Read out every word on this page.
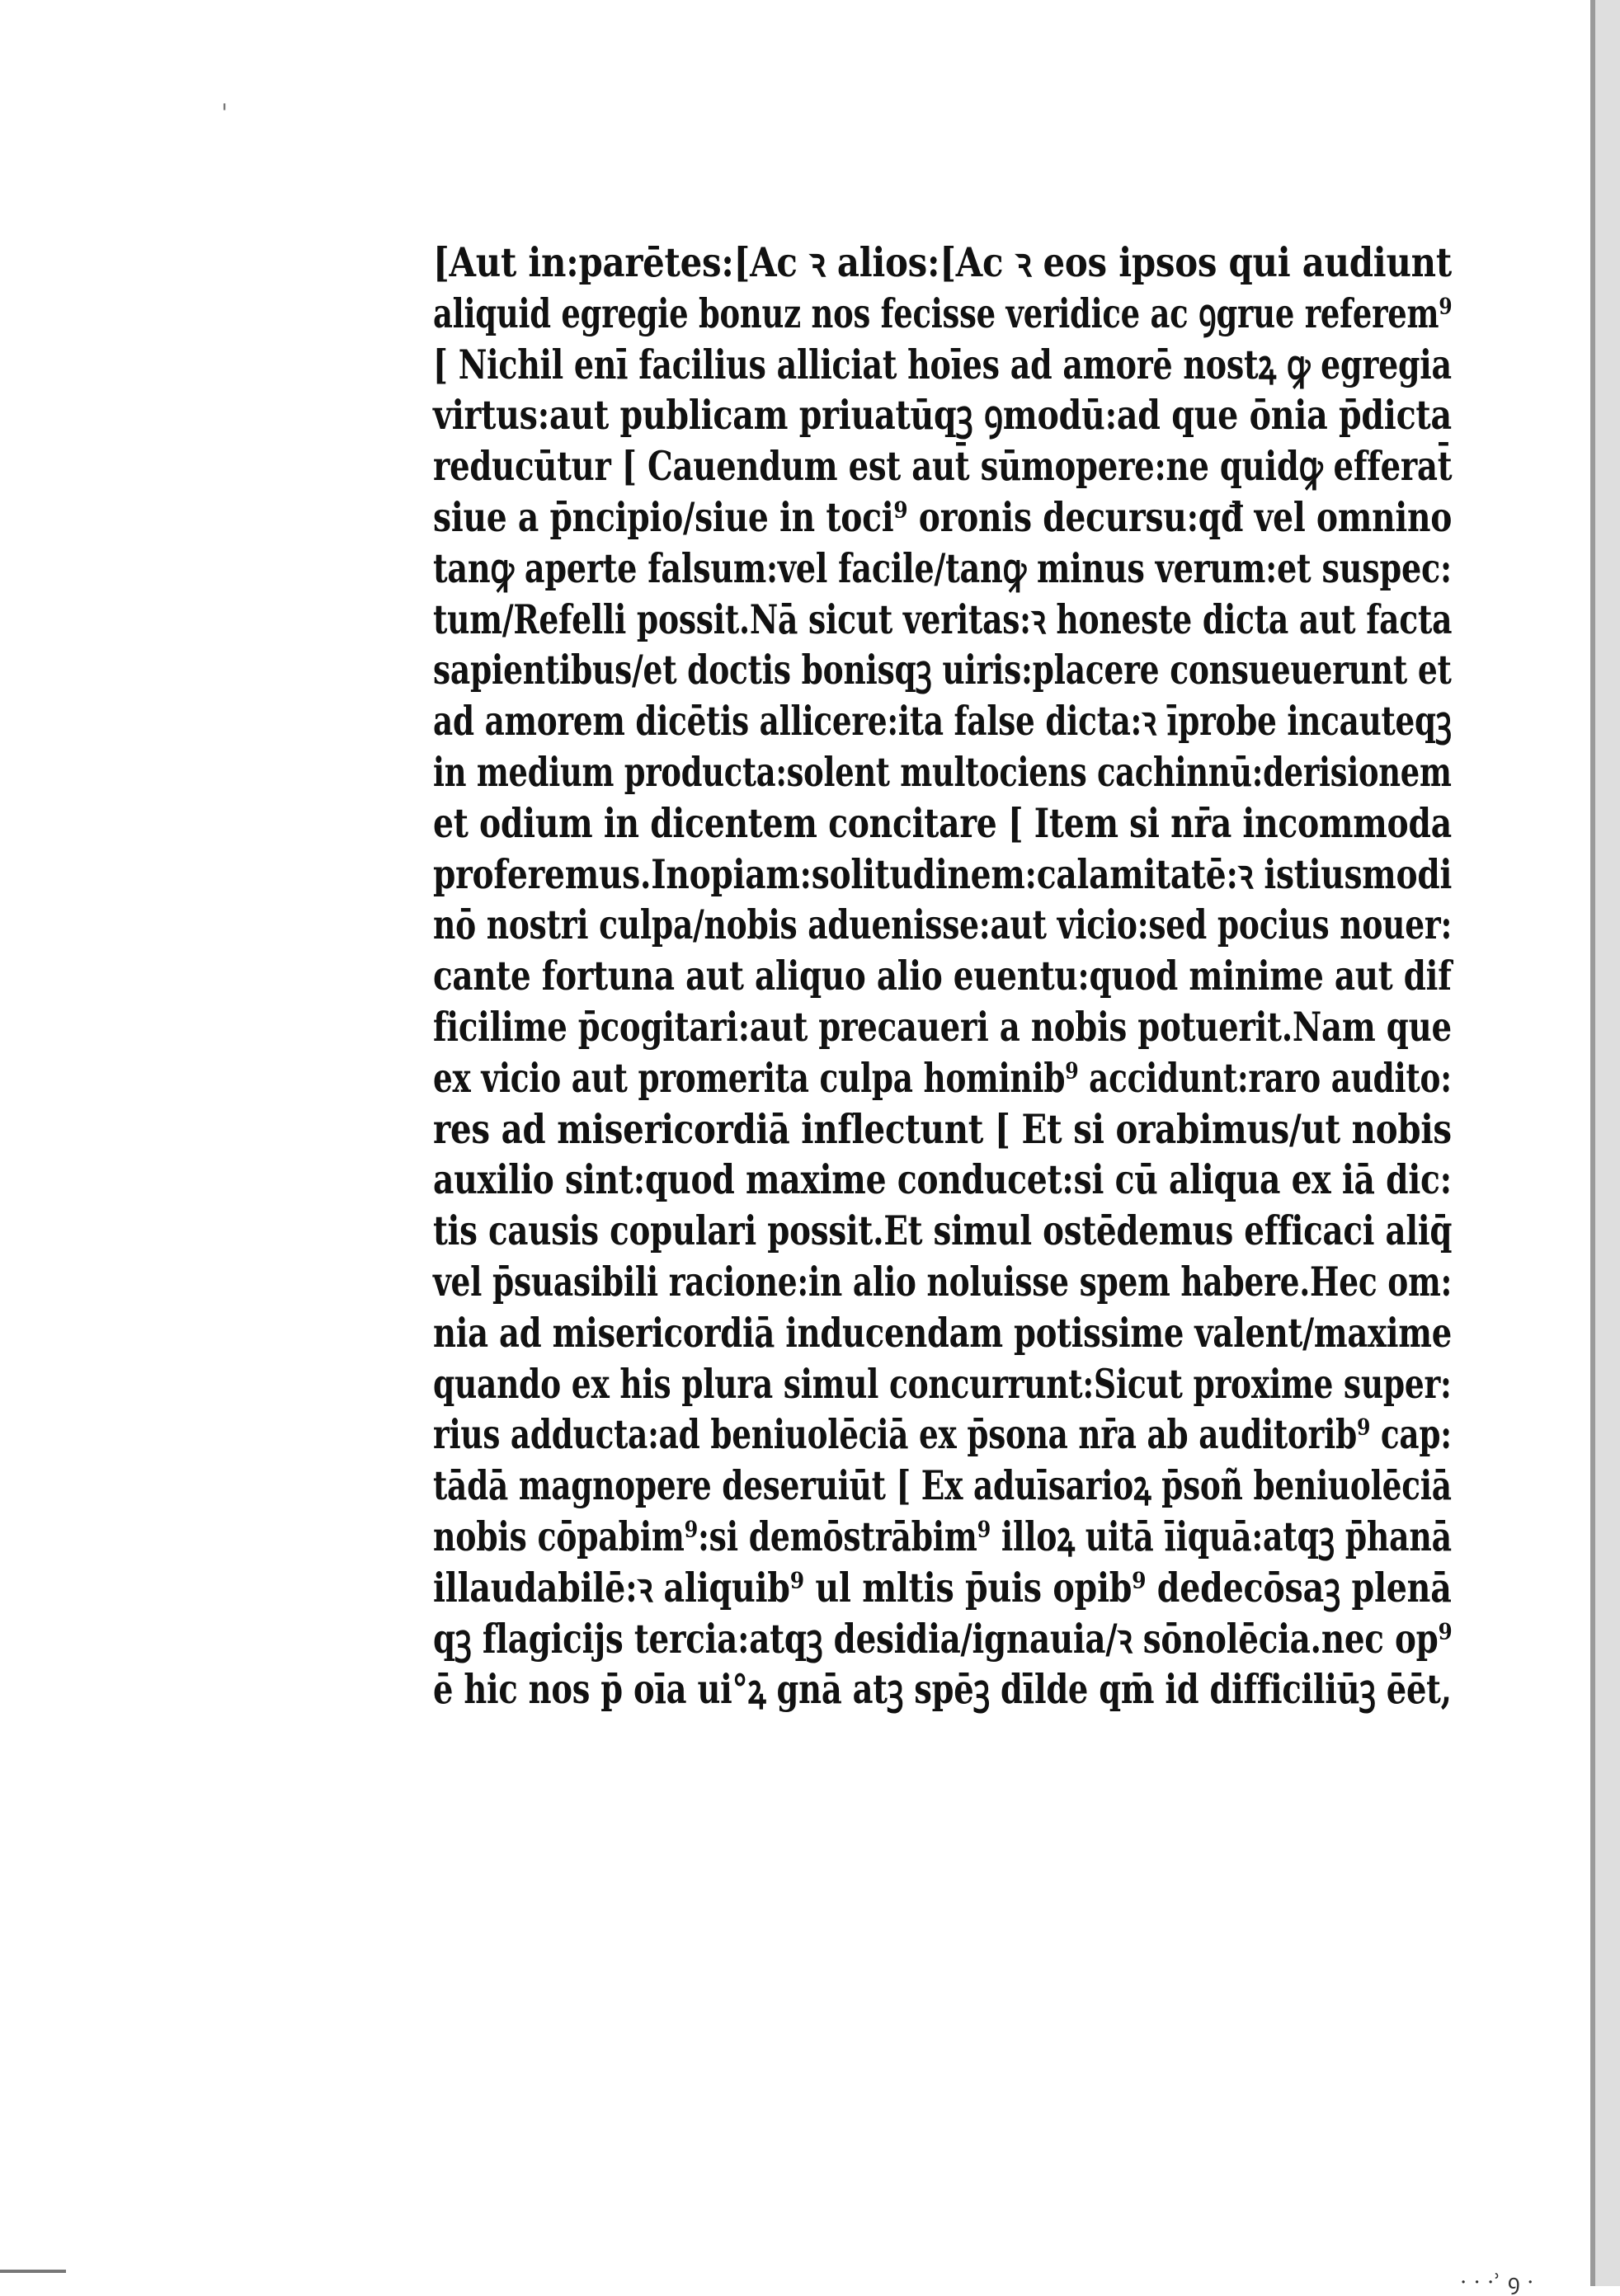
'
· · ·ʾ ꝯ ·
[Aut in:parētes:[Ac ꝛ alios:[Ac ꝛ eos ipsos qui audiunt
aliquid egregie bonuz nos fecisse veridice ac ꝯgrue referem⁹
[ Nichil enī facilius alliciat hoīes ad amorē nostꝝ ꝙ egregia
virtus:aut publicam priuatūqꝫ ꝯmodū:ad que ōnia p̄dicta
reducūtur [ Cauendum est aut̄ sūmopere:ne quidꝙ efferat̄
siue a p̄ncipio/siue in toci⁹ oronis decursu:qđ vel omnino
tanꝙ aperte falsum:vel facile/tanꝙ minus verum:et suspec:
tum/Refelli possit.Nā sicut veritas:ꝛ honeste dicta aut facta
sapientibus/et doctis bonisqꝫ uiris:placere consueuerunt et
ad amorem dicētis allicere:ita false dicta:ꝛ īprobe incauteqꝫ
in medium producta:solent multociens cachinnū:derisionem
et odium in dicentem concitare [ Item si nr̄a incommoda
proferemus.Inopiam:solitudinem:calamitatē:ꝛ istiusmodi
nō nostri culpa/nobis aduenisse:aut vicio:sed pocius nouer:
cante fortuna aut aliquo alio euentu:quod minime aut dif
ficilime p̄cogitari:aut precaueri a nobis potuerit.Nam que
ex vicio aut promerita culpa hominib⁹ accidunt:raro audito:
res ad misericordiā inflectunt [ Et si orabimus/ut nobis
auxilio sint:quod maxime conducet:si cū aliqua ex iā dic:
tis causis copulari possit.Et simul ostēdemus efficaci aliq̄
vel p̄suasibili racione:in alio noluisse spem habere.Hec om:
nia ad misericordiā inducendam potissime valent/maxime
quando ex his plura simul concurrunt:Sicut proxime super:
rius adducta:ad beniuolēciā ex p̄sona nr̄a ab auditorib⁹ cap:
tādā magnopere deseruiūt [ Ex aduīsarioꝝ p̄soñ beniuolēciā
nobis cōpabim⁹:si demōstrābim⁹ illoꝝ uitā īiquā:atqꝫ p̄hanā
illaudabilē:ꝛ aliquib⁹ ul mltis p̄uis opib⁹ dedecōsaꝫ plenā
qꝫ flagicijs tercia:atqꝫ desidia/ignauia/ꝛ sōnolēcia.nec op⁹
ē hic nos p̄ oīa ui°ꝝ gnā atꝫ spēꝫ dīlde qm̄ id difficiliūꝫ ēēt,
